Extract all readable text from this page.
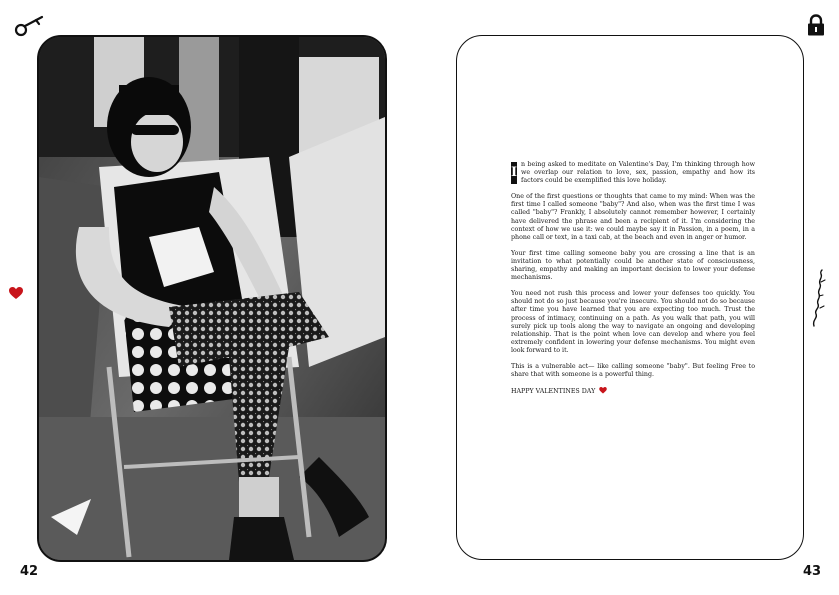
42

I
n being asked to meditate on Valentine's Day, I'm thinking through how we overlap our relation to love, sex, passion, empathy and how its factors could be exemplified this love holiday.

One of the first questions or thoughts that came to my mind: When was the first time I called someone "baby"? And also, when was the first time I was called "baby"? Frankly, I absolutely cannot remember however, I certainly have delivered the phrase and been a recipient of it. I'm considering the context of how we use it: we could maybe say it in Passion, in a poem, in a phone call or text, in a taxi cab, at the beach and even in anger or humor.

Your first time calling someone baby you are crossing a line that is an invitation to what potentially could be another state of consciousness, sharing, empathy and making an important decision to lower your defense mechanisms.

You need not rush this process and lower your defenses too quickly. You should not do so just because you're insecure. You should not do so because after time you have learned that you are expecting too much. Trust the process of intimacy, continuing on a path. As you walk that path, you will surely pick up tools along the way to navigate an ongoing and developing relationship. That is the point when love can develop and where you feel extremely confident in lowering your defense mechanisms. You might even look forward to it.

This is a vulnerable act— like calling someone "baby". But feeling Free to share that with someone is a powerful thing.

HAPPY VALENTINES DAY

43
